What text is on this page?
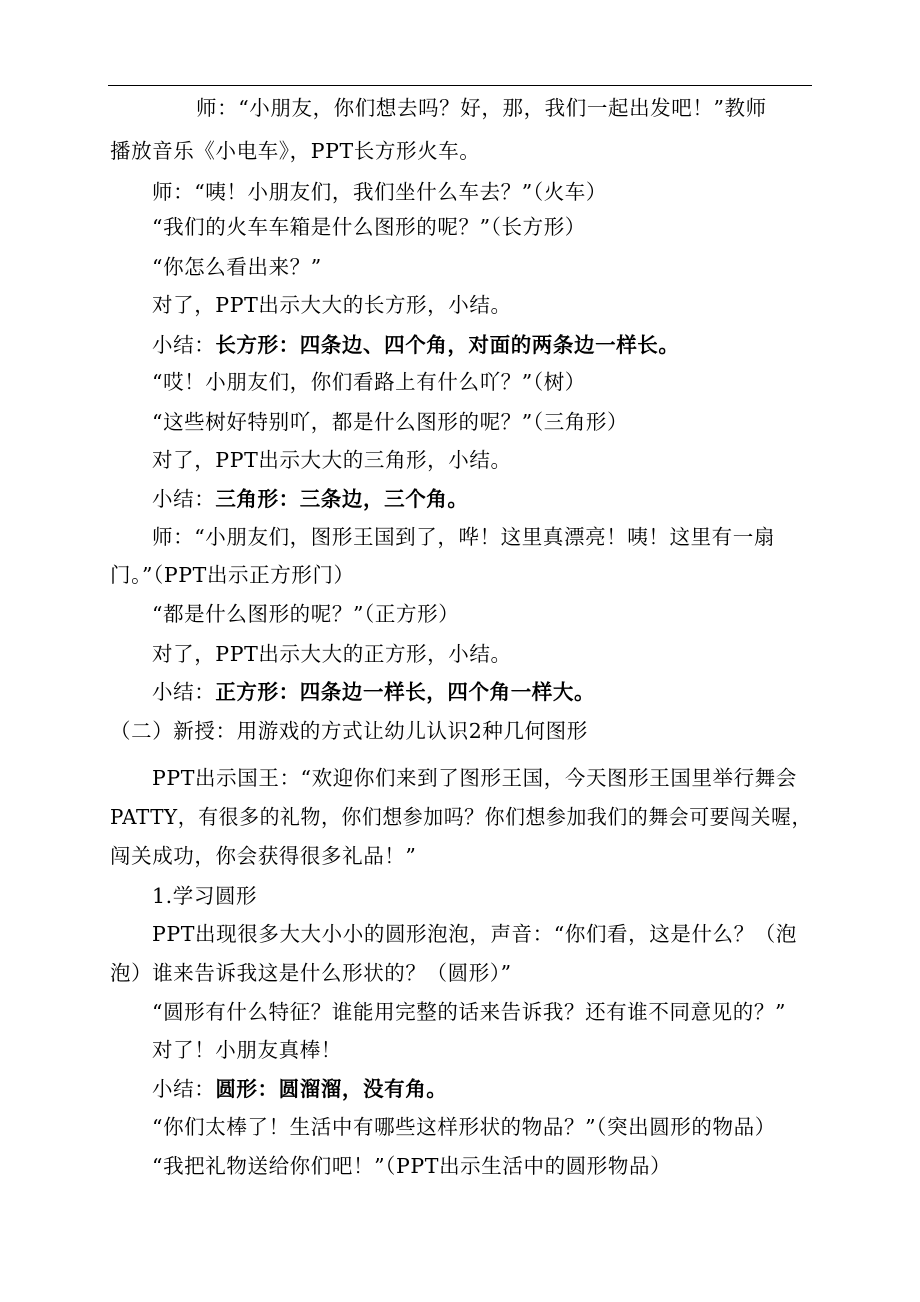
师：“小朋友，你们想去吗？好，那，我们一起出发吧！”教师
播放音乐《小电车》，PPT长方形火车。
师：“咦！小朋友们，我们坐什么车去？”（火车）
“我们的火车车箱是什么图形的呢？”（长方形）
“你怎么看出来？”
对了，PPT出示大大的长方形，小结。
小结：长方形：四条边、四个角，对面的两条边一样长。
“哎！小朋友们，你们看路上有什么吖？”（树）
“这些树好特别吖，都是什么图形的呢？”（三角形）
对了，PPT出示大大的三角形，小结。
小结：三角形：三条边，三个角。
师：“小朋友们，图形王国到了，哗！这里真漂亮！咦！这里有一扇
门。”（PPT出示正方形门）
“都是什么图形的呢？”（正方形）
对了，PPT出示大大的正方形，小结。
小结：正方形：四条边一样长，四个角一样大。
（二）新授：用游戏的方式让幼儿认识2种几何图形
PPT出示国王：“欢迎你们来到了图形王国，今天图形王国里举行舞会
PATTY，有很多的礼物，你们想参加吗？你们想参加我们的舞会可要闯关喔，
闯关成功，你会获得很多礼品！”
1.学习圆形
PPT出现很多大大小小的圆形泡泡，声音：“你们看，这是什么？（泡
泡）谁来告诉我这是什么形状的？（圆形）”
“圆形有什么特征？谁能用完整的话来告诉我？还有谁不同意见的？”
对了！小朋友真棒！
小结：圆形：圆溜溜，没有角。
“你们太棒了！生活中有哪些这样形状的物品？”（突出圆形的物品）
“我把礼物送给你们吧！”（PPT出示生活中的圆形物品）
